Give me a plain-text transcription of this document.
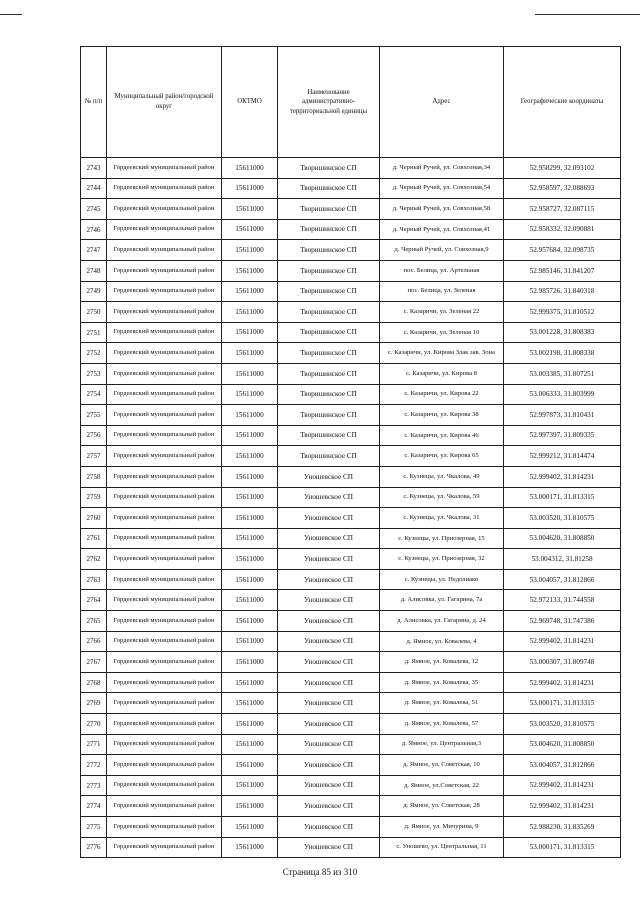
№ п/п	Муниципальный район/городской округ	ОКТМО	Наименование административно-территориальной единицы	Адрес	Географические координаты
2743	Гордеевский муниципальный район	15611000	Творишинское СП	д. Черный Ручей, ул. Совхозная,34	52.958299, 32.093102
2744	Гордеевский муниципальный район	15611000	Творишинское СП	д. Черный Ручей, ул. Совхозная,54	52.958597, 32.088693
2745	Гордеевский муниципальный район	15611000	Творишинское СП	д. Черный Ручей, ул. Совхозная,58	52.958727, 32.087115
2746	Гордеевский муниципальный район	15611000	Творишинское СП	д. Черный Ручей, ул. Совхозная,41	52.958332, 32.090881
2747	Гордеевский муниципальный район	15611000	Творишинское СП	д. Черный Ручей, ул. Совхозная,9	52.957684, 32.098735
2748	Гордеевский муниципальный район	15611000	Творишинское СП	пос. Белица, ул. Артельная	52.985146, 31.841207
2749	Гордеевский муниципальный район	15611000	Творишинское СП	пос. Белица, ул. Зеленая	52.985726, 31.840318
2750	Гордеевский муниципальный район	15611000	Творишинское СП	с. Казаричи, ул. Зеленая 22	52.999375, 31.810512
2751	Гордеевский муниципальный район	15611000	Творишинское СП	с. Казаричи, ул. Зеленая 10	53.001228, 31.808383
2752	Гордеевский муниципальный район	15611000	Творишинское СП	с. Казаричи, ул. Кирова Злак зав. Зона	53.002198, 31.808338
2753	Гордеевский муниципальный район	15611000	Творишинское СП	с. Казаричи, ул. Кирова 8	53.003385, 31.807251
2754	Гордеевский муниципальный район	15611000	Творишинское СП	с. Казаричи, ул. Кирова 22	53.006333, 31.803999
2755	Гордеевский муниципальный район	15611000	Творишинское СП	с. Казаричи, ул. Кирова 38	52.997873, 31.810431
2756	Гордеевский муниципальный район	15611000	Творишинское СП	с. Казаричи, ул. Кирова 46	52.997397, 31.809335
2757	Гордеевский муниципальный район	15611000	Творишинское СП	с. Казаричи, ул. Кирова 65	52.999212, 31.814474
2758	Гордеевский муниципальный район	15611000	Уношевское СП	с. Кузнецы, ул. Чкалова, 49	52.999402, 31.814231
2759	Гордеевский муниципальный район	15611000	Уношевское СП	с. Кузнецы, ул. Чкалова, 59	53.000171, 31.813315
2760	Гордеевский муниципальный район	15611000	Уношевское СП	с. Кузнецы, ул. Чкалова, 31	53.003520, 31.810575
2761	Гордеевский муниципальный район	15611000	Уношевское СП	с. Кузнецы, ул. Приозерная, 15	53.004620, 31.808850
2762	Гордеевский муниципальный район	15611000	Уношевское СП	с. Кузнецы, ул. Приозерная, 32	53.004312, 31.81258
2763	Гордеевский муниципальный район	15611000	Уношевское СП	с. Кузнецы, ул. Недолиако	53.004057, 31.812866
2764	Гордеевский муниципальный район	15611000	Уношевское СП	д. Алисовка, ул. Гагарина, 7а	52.972133, 31.744558
2765	Гордеевский муниципальный район	15611000	Уношевское СП	д. Алисовка, ул. Гагарина, д. 24	52.969748, 31.747386
2766	Гордеевский муниципальный район	15611000	Уношевское СП	д. Ямное, ул. Ковалева, 4	52.999402, 31.814231
2767	Гордеевский муниципальный район	15611000	Уношевское СП	д. Ямное, ул. Ковалева, 12	53.000307, 31.809748
2768	Гордеевский муниципальный район	15611000	Уношевское СП	д. Ямное, ул. Ковалева, 35	52.999402, 31.814231
2769	Гордеевский муниципальный район	15611000	Уношевское СП	д. Ямное, ул. Ковалева, 51	53.000171, 31.813315
2770	Гордеевский муниципальный район	15611000	Уношевское СП	д. Ямное, ул. Ковалева, 57	53.003520, 31.810575
2771	Гордеевский муниципальный район	15611000	Уношевское СП	д. Ямное, ул. Центральная,3	53.004620, 31.808850
2772	Гордеевский муниципальный район	15611000	Уношевское СП	д. Ямное, ул. Советская, 10	53.004057, 31.812866
2773	Гордеевский муниципальный район	15611000	Уношевское СП	д. Ямное, ул.Советская, 22	52.999402, 31.814231
2774	Гордеевский муниципальный район	15611000	Уношевское СП	д. Ямное, ул. Советская, 28	52.999402, 31.814231
2775	Гордеевский муниципальный район	15611000	Уношевское СП	д. Ямное, ул. Мичурина, 9	52.988230, 31.835269
2776	Гордеевский муниципальный район	15611000	Уношевское СП	с. Уношево, ул. Центральная, 11	53.000171, 31.813315
Страница 85 из 310
